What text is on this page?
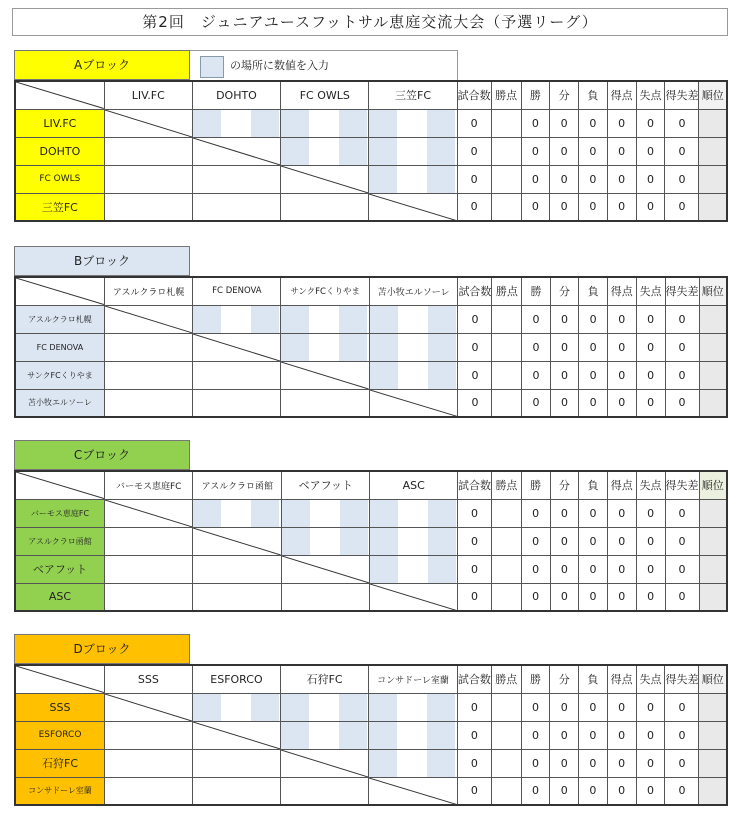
第2回　ジュニアユースフットサル恵庭交流大会（予選リーグ）
Aブロック	の場所に数値を入力
	LIV.FC	DOHTO	FC OWLS	三笠FC	試合数	勝点	勝	分	負	得点	失点	得失差	順位
LIV.FC					0		0	0	0	0	0	0	
DOHTO					0		0	0	0	0	0	0	
FC OWLS					0		0	0	0	0	0	0	
三笠FC					0		0	0	0	0	0	0	
Bブロック
	アスルクラロ札幌	FC DENOVA	サンクFCくりやま	苫小牧エルソーレ	試合数	勝点	勝	分	負	得点	失点	得失差	順位
アスルクラロ札幌					0		0	0	0	0	0	0	
FC DENOVA					0		0	0	0	0	0	0	
サンクFCくりやま					0		0	0	0	0	0	0	
苫小牧エルソーレ					0		0	0	0	0	0	0	
Cブロック
	バーモス恵庭FC	アスルクラロ函館	ベアフット	ASC	試合数	勝点	勝	分	負	得点	失点	得失差	順位
バーモス恵庭FC					0		0	0	0	0	0	0	
アスルクラロ函館					0		0	0	0	0	0	0	
ベアフット					0		0	0	0	0	0	0	
ASC					0		0	0	0	0	0	0	
Dブロック
	SSS	ESFORCO	石狩FC	コンサドーレ室蘭	試合数	勝点	勝	分	負	得点	失点	得失差	順位
SSS					0		0	0	0	0	0	0	
ESFORCO					0		0	0	0	0	0	0	
石狩FC					0		0	0	0	0	0	0	
コンサドーレ室蘭					0		0	0	0	0	0	0	
